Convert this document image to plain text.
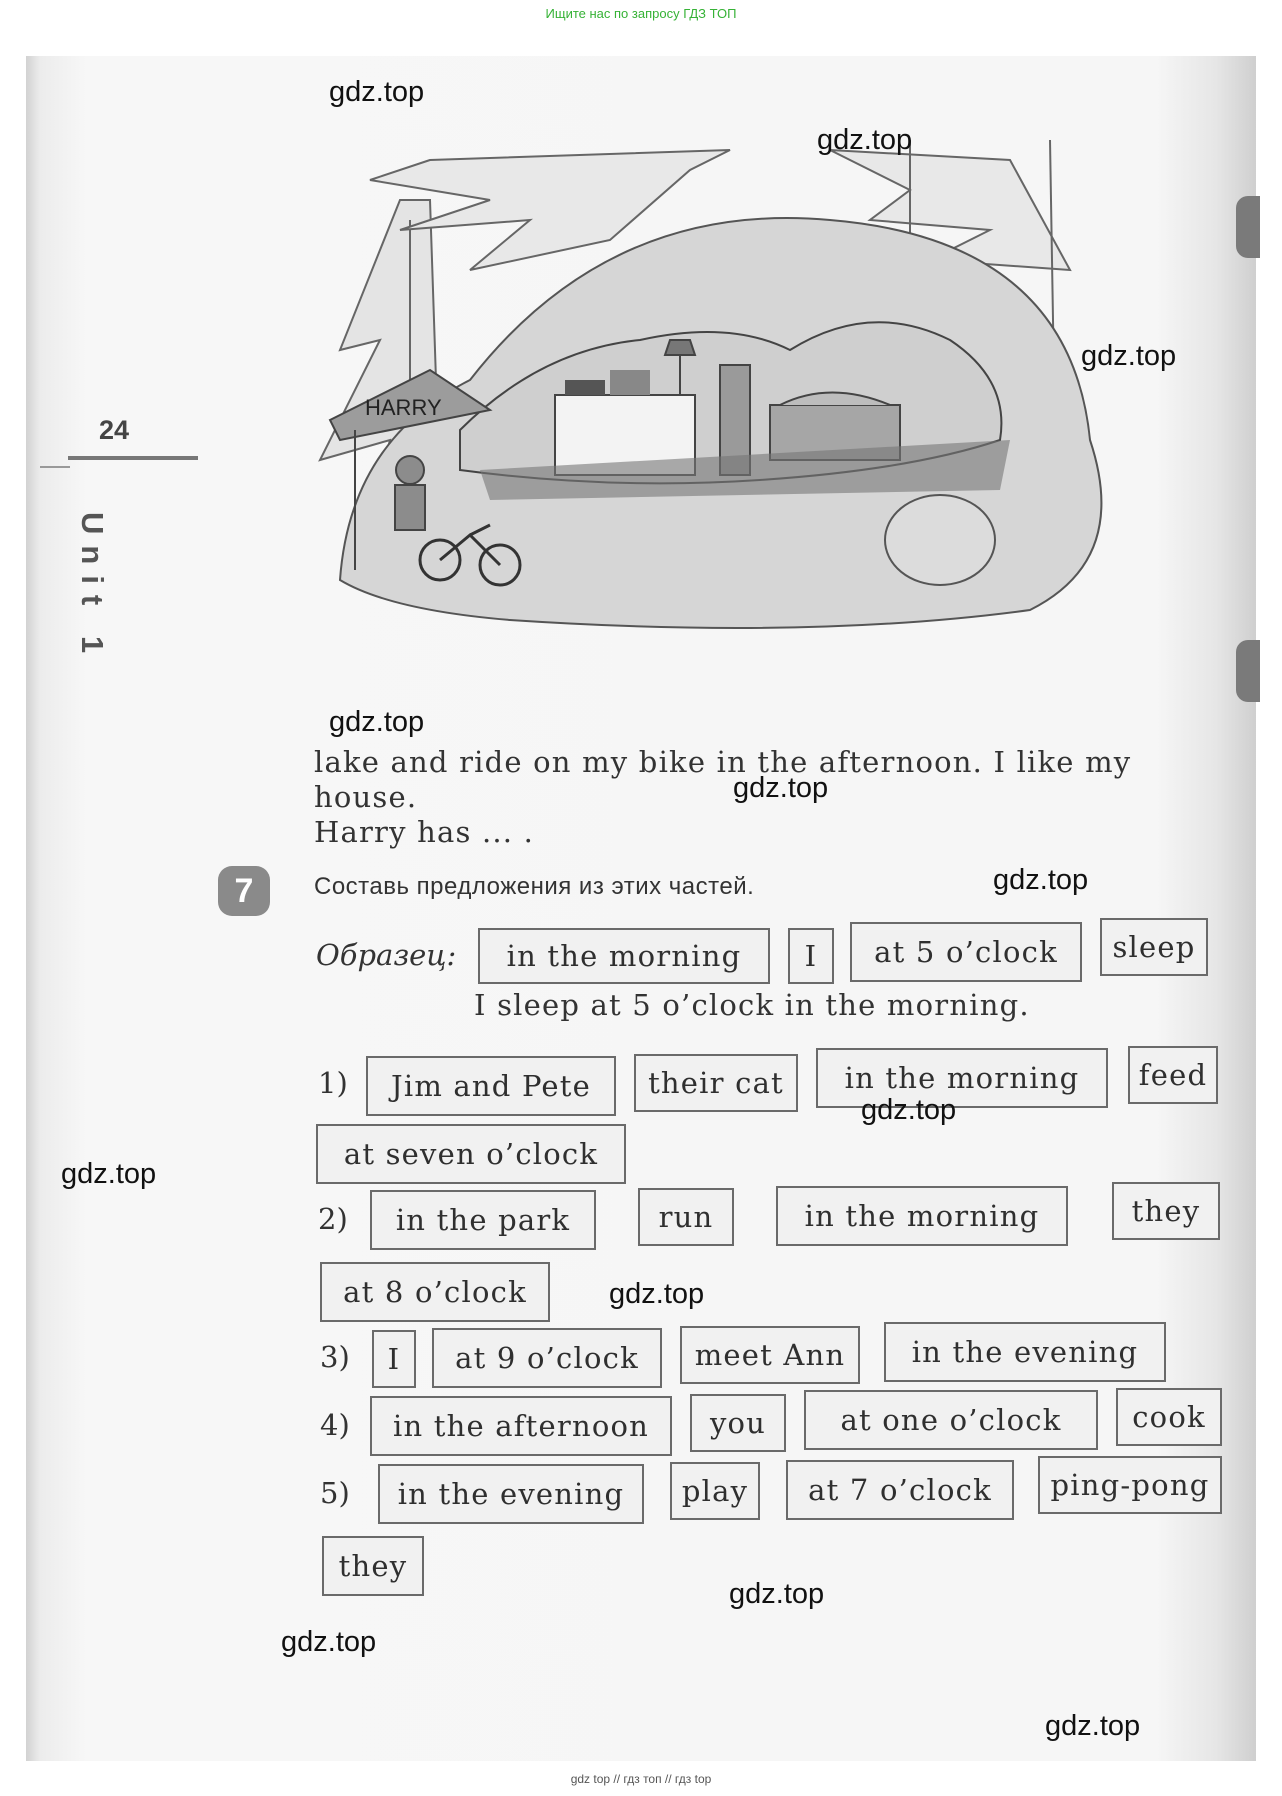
Ищите нас по запросу ГДЗ ТОП
24
Unit 1
HARRY
lake and ride on my bike in the afternoon. I like my
house.
Harry has ... .
7	Составь предложения из этих частей.
Образец:	in the morning	I	at 5 o’clock	sleep
I sleep at 5 o’clock in the morning.
1)	Jim and Pete	their cat	in the morning	feed
at seven o’clock
2)	in the park	run	in the morning	they
at 8 o’clock
3)	I	at 9 o’clock	meet Ann	in the evening
4)	in the afternoon	you	at one o’clock	cook
5)	in the evening	play	at 7 o’clock	ping-pong
they
gdz.top
gdz.top
gdz.top
gdz.top
gdz.top
gdz.top
gdz.top
gdz.top
gdz.top
gdz.top
gdz.top
gdz.top
gdz top // гдз топ // гдз top
